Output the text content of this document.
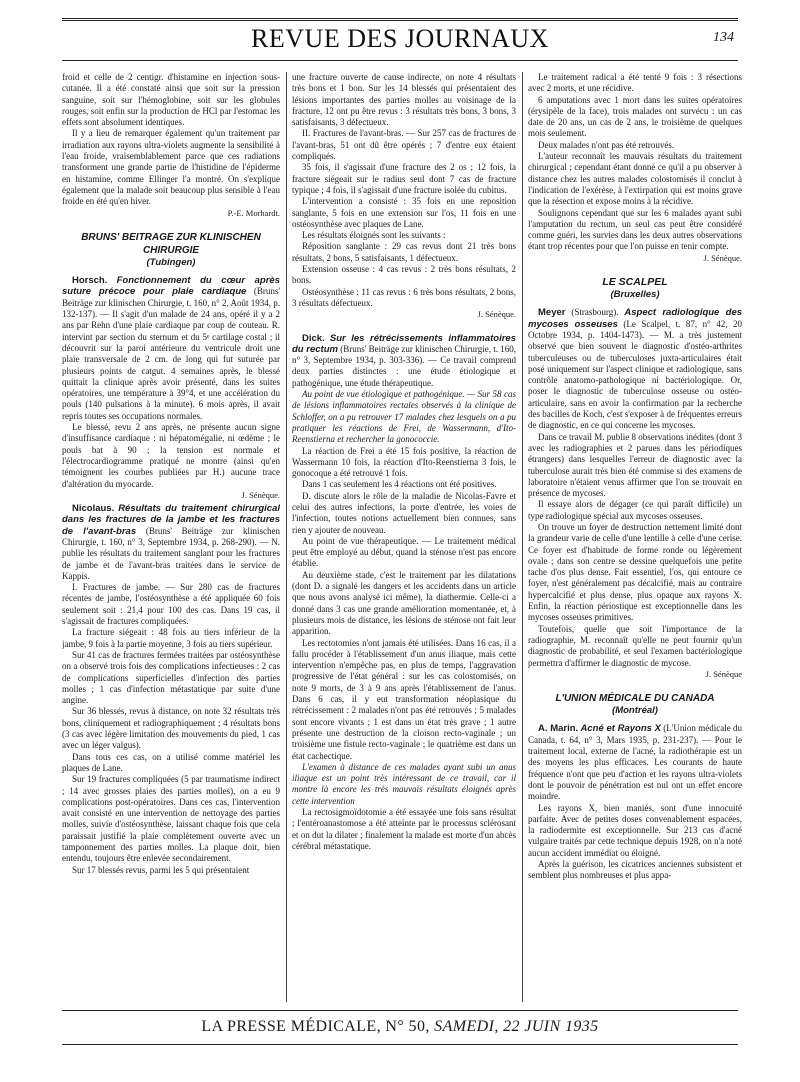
REVUE DES JOURNAUX	134

froid et celle de 2 centigr. d'histamine en injection sous-cutanée. Il a été constaté ainsi que soit sur la pression sanguine, soit sur l'hémoglobine, soit sur les globules rouges, soit enfin sur la production de HCl par l'estomac les effets sont absolument identiques.

Il y a lieu de remarquer également qu'un traitement par irradiation aux rayons ultra-violets augmente la sensibilité à l'eau froide, vraisemblablement parce que ces radiations transforment une grande partie de l'histidine de l'épiderme en histamine, comme Ellinger l'a montré. On s'explique également que la malade soit beaucoup plus sensible à l'eau froide en été qu'en hiver.

P.-E. Morhardt.
BRUNS' BEITRAGE ZUR KLINISCHEN CHIRURGIE
(Tubingen)

Horsch. Fonctionnement du cœur après suture précoce pour plaie cardiaque (Bruns' Beiträge zur klinischen Chirurgie, t. 160, n° 2, Août 1934, p. 132-137). — Il s'agit d'un malade de 24 ans, opéré il y a 2 ans par Rehn d'une plaie cardiaque par coup de couteau. R. intervint par section du sternum et du 5ᵉ cartilage costal ; il découvrit sur la paroi antérieure du ventricule droit une plaie transversale de 2 cm. de long qui fut suturée par plusieurs points de catgut. 4 semaines après, le blessé quittait la clinique après avoir présenté, dans les suites opératoires, une température à 39°4, et une accélération du pouls (140 pulsations à la minute). 6 mois après, il avait repris toutes ses occupations normales.

Le blessé, revu 2 ans après, ne présente aucun signe d'insuffisance cardiaque : ni hépatomégalie, ni œdème ; le pouls bat à 90 ; la tension est normale et l'électrocardiogramme pratiqué ne montre (ainsi qu'en témoignent les courbes publiées par H.) aucune trace d'altération du myocarde.

J. Sénèque.

Nicolaus. Résultats du traitement chirurgical dans les fractures de la jambe et les fractures de l'avant-bras (Bruns' Beiträge zur klinischen Chirurgie, t. 160, n° 3, Septembre 1934, p. 268-290). — N. publie les résultats du traitement sanglant pour les fractures de jambe et de l'avant-bras traitées dans le service de Kappis.

I. Fractures de jambe. — Sur 280 cas de fractures récentes de jambe, l'ostéosynthèse a été appliquée 60 fois seulement soit : 21,4 pour 100 des cas. Dans 19 cas, il s'agissait de fractures compliquées.

La fracture siégeait : 48 fois au tiers inférieur de la jambe, 9 fois à la partie moyenne, 3 fois au tiers supérieur.

Sur 41 cas de fractures fermées traitées par ostéosynthèse on a observé trois fois des complications infectieuses : 2 cas de complications superficielles d'infection des parties molles ; 1 cas d'infection métastatique par suite d'une angine.

Sur 36 blessés, revus à distance, on note 32 résultats très bons, cliniquement et radiographiquement ; 4 résultats bons (3 cas avec légère limitation des mouvements du pied, 1 cas avec un léger valgus).

Dans tous ces cas, on a utilisé comme matériel les plaques de Lane.

Sur 19 fractures compliquées (5 par traumatisme indirect ; 14 avec grosses plaies des parties molles), on a eu 9 complications post-opératoires. Dans ces cas, l'intervention avait consisté en une intervention de nettoyage des parties molles, suivie d'ostéosynthèse, laissant chaque fois que cela paraissait justifié la plaie complètement ouverte avec un tamponnement des parties molles. La plaque doit, bien entendu, toujours être enlevée secondairement.

Sur 17 blessés revus, parmi les 5 qui présentaient

une fracture ouverte de cause indirecte, on note 4 résultats très bons et 1 bon. Sur les 14 blessés qui présentaient des lésions importantes des parties molles au voisinage de la fracture, 12 ont pu être revus : 3 résultats très bons, 3 bons, 3 satisfaisants, 3 défectueux.

II. Fractures de l'avant-bras. — Sur 257 cas de fractures de l'avant-bras, 51 ont dû être opérés ; 7 d'entre eux étaient compliqués.

35 fois, il s'agissait d'une fracture des 2 os ; 12 fois, la fracture siégeait sur le radius seul dont 7 cas de fracture typique ; 4 fois, il s'agissait d'une fracture isolée du cubitus.

L'intervention a consisté : 35 fois en une reposition sanglante, 5 fois en une extension sur l'os, 11 fois en une ostéosynthèse avec plaques de Lane.

Les résultats éloignés sont les suivants :

Réposition sanglante : 29 cas revus dont 21 très bons résultats, 2 bons, 5 satisfaisants, 1 défectueux.

Extension osseuse : 4 cas revus : 2 très bons résultats, 2 bons.

Ostéosynthèse : 11 cas revus : 6 très bons résultats, 2 bons, 3 résultats défectueux.

J. Sénèque.

Dick. Sur les rétrécissements inflammatoires du rectum (Bruns' Beiträge zur klinischen Chirurgie, t. 160, n° 3, Septembre 1934, p. 303-336). — Ce travail comprend deux parties distinctes : une étude étiologique et pathogénique, une étude thérapeutique.

Au point de vue étiologique et pathogénique. — Sur 58 cas de lésions inflammatoires rectales observés à la clinique de Schloffer, on a pu retrouver 17 malades chez lesquels on a pu pratiquer les réactions de Frei, de Wassermann, d'Ito-Reenstierna et rechercher la gonococcie.

La réaction de Frei a été 15 fois positive, la réaction de Wassermann 10 fois, la réaction d'Ito-Reenstierna 3 fois, le gonocoque a été retrouvé 1 fois.

Dans 1 cas seulement les 4 réactions ont été positives.

D. discute alors le rôle de la maladie de Nicolas-Favre et celui des autres infections, la porte d'entrée, les voies de l'infection, toutes notions actuellement bien connues, sans rien y ajouter de nouveau.

Au point de vue thérapeutique. — Le traitement médical peut être employé au début, quand la sténose n'est pas encore établie.

Au deuxième stade, c'est le traitement par les dilatations (dont D. a signalé les dangers et les accidents dans un article que nous avons analysé ici même), la diathermie. Celle-ci a donné dans 3 cas une grande amélioration momentanée, et, à plusieurs mois de distance, les lésions de sténose ont fait leur apparition.

Les rectotomies n'ont jamais été utilisées. Dans 16 cas, il a fallu procéder à l'établissement d'un anus iliaque, mais cette intervention n'empêche pas, en plus de temps, l'aggravation progressive de l'état général : sur les cas colostomisés, on note 9 morts, de 3 à 9 ans après l'établissement de l'anus. Dans 6 cas, il y eut transformation néoplasique du rétrécissement : 2 malades n'ont pas été retrouvés ; 5 malades sont encore vivants ; 1 est dans un état très grave ; 1 autre présente une destruction de la cloison recto-vaginale ; un troisième une fistule recto-vaginale ; le quatrième est dans un état cachectique.

L'examen à distance de ces malades ayant subi un anus iliaque est un point très intéressant de ce travail, car il montre là encore les très mauvais résultats éloignés après cette intervention

La rectosigmoïdotomie a été essayée une fois sans résultat ; l'entéroanastomose a été atteinte par le processus sclérosant et on dut la dilater ; finalement la malade est morte d'un abcès cérébral métastatique.

Le traitement radical a été tenté 9 fois : 3 résections avec 2 morts, et une récidive.

6 amputations avec 1 mort dans les suites opératoires (érysipèle de la face), trois malades ont survécu : un cas date de 20 ans, un cas de 2 ans, le troisième de quelques mois seulement.

Deux malades n'ont pas été retrouvés.

L'auteur reconnaît les mauvais résultats du traitement chirurgical ; cependant étant donné ce qu'il a pu observer à distance chez les autres malades colostomisés il conclut à l'indication de l'exérèse, à l'extirpation qui est moins grave que la résection et expose moins à la récidive.

Soulignons cependant que sur les 6 malades ayant subi l'amputation du rectum, un seul cas peut être considéré comme guéri, les survies dans les deux autres observations étant trop récentes pour que l'on puisse en tenir compte.

J. Sénèque.
LE SCALPEL
(Bruxelles)

Meyer (Strasbourg). Aspect radiologique des mycoses osseuses (Le Scalpel, t. 87, n° 42, 20 Octobre 1934, p. 1404-1473). — M. a très justement observé que bien souvent le diagnostic d'ostéo-arthrites tuberculeuses ou de tuberculoses juxta-articulaires était posé uniquement sur l'aspect clinique et radiologique, sans contrôle anatomo-pathologique ni bactériologique. Or, poser le diagnostic de tuberculose osseuse ou ostéo-articulaire, sans en avoir la confirmation par la recherche des bacilles de Koch, c'est s'exposer à de fréquentes erreurs de diagnostic, en ce qui concerne les mycoses.

Dans ce travail M. publie 8 observations inédites (dont 3 avec les radiographies et 2 parues dans les périodiques étrangers) dans lesquelles l'erreur de diagnostic avec la tuberculose aurait très bien été commise si des examens de laboratoire n'étaient venus affirmer que l'on se trouvait en présence de mycoses.

Il essaye alors de dégager (ce qui paraît difficile) un type radiologique spécial aux mycoses osseuses.

On trouve un foyer de destruction nettement limité dont la grandeur varie de celle d'une lentille à celle d'une cerise. Ce foyer est d'habitude de forme ronde ou légèrement ovale ; dans son centre se dessine quelquefois une petite tache d'os plus dense. Fait essentiel, l'os, qui entoure ce foyer, n'est généralement pas décalcifié, mais au contraire hypercalcifié et plus dense, plus opaque aux rayons X. Enfin, la réaction périostique est exceptionnelle dans les mycoses osseuses primitives.

Toutefois, quelle que soit l'importance de la radiographie, M. reconnaît qu'elle ne peut fournir qu'un diagnostic de probabilité, et seul l'examen bactériologique permettra d'affirmer le diagnostic de mycose.

J. Sénèque
L'UNION MÉDICALE DU CANADA
(Montréal)

A. Marin. Acné et Rayons X (L'Union médicale du Canada, t. 64, n° 3, Mars 1935, p. 231-237). — Pour le traitement local, externe de l'acné, la radiothérapie est un des moyens les plus efficaces. Les courants de haute fréquence n'ont que peu d'action et les rayons ultra-violets dont le pouvoir de pénétration est nul ont un effet encore moindre.

Les rayons X, bien maniés, sont d'une innocuité parfaite. Avec de petites doses convenablement espacées, la radiodermite est exceptionnelle. Sur 213 cas d'acné vulgaire traités par cette technique depuis 1928, on n'a noté aucun accident immédiat ou éloigné.

Après la guérison, les cicatrices anciennes subsistent et semblent plus nombreuses et plus appa-

LA PRESSE MÉDICALE, N° 50, SAMEDI, 22 JUIN 1935
